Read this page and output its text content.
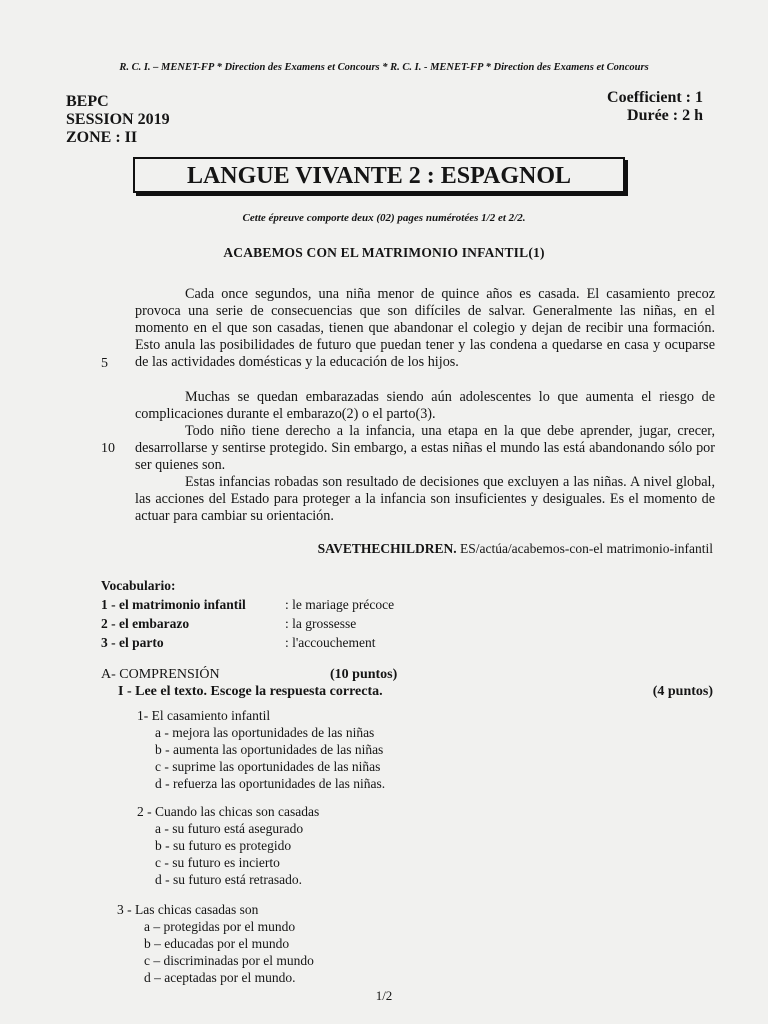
R. C. I. – MENET-FP * Direction des Examens et Concours * R. C. I. - MENET-FP * Direction des Examens et Concours
BEPC
SESSION 2019
ZONE : II
Coefficient : 1
Durée : 2 h
LANGUE VIVANTE 2 : ESPAGNOL
Cette épreuve comporte deux (02) pages numérotées 1/2 et 2/2.
ACABEMOS CON EL MATRIMONIO INFANTIL(1)
Cada once segundos, una niña menor de quince años es casada. El casamiento precoz provoca una serie de consecuencias que son difíciles de salvar. Generalmente las niñas, en el momento en el que son casadas, tienen que abandonar el colegio y dejan de recibir una formación. Esto anula las posibilidades de futuro que puedan tener y las condena a quedarse en casa y ocuparse de las actividades domésticas y la educación de los hijos.
5
Muchas se quedan embarazadas siendo aún adolescentes lo que aumenta el riesgo de complicaciones durante el embarazo(2) o el parto(3).
Todo niño tiene derecho a la infancia, una etapa en la que debe aprender, jugar, crecer, desarrollarse y sentirse protegido. Sin embargo, a estas niñas el mundo las está abandonando sólo por ser quienes son.
10
Estas infancias robadas son resultado de decisiones que excluyen a las niñas. A nivel global, las acciones del Estado para proteger a la infancia son insuficientes y desiguales. Es el momento de actuar para cambiar su orientación.
SAVETHECHILDREN. ES/actúa/acabemos-con-el matrimonio-infantil
Vocabulario:
1 - el matrimonio infantil	: le mariage précoce
2 - el embarazo	: la grossesse
3 - el parto	: l'accouchement
A- COMPRENSIÓN	(10 puntos)
I - Lee el texto. Escoge la respuesta correcta.	(4 puntos)
1- El casamiento infantil
a - mejora las oportunidades de las niñas
b - aumenta las oportunidades de las niñas
c - suprime las oportunidades de las niñas
d - refuerza las oportunidades de las niñas.
2 - Cuando las chicas son casadas
a - su futuro está asegurado
b - su futuro es protegido
c - su futuro es incierto
d - su futuro está retrasado.
3 - Las chicas casadas son
a – protegidas por el mundo
b – educadas por el mundo
c – discriminadas por el mundo
d – aceptadas por el mundo.
1/2
